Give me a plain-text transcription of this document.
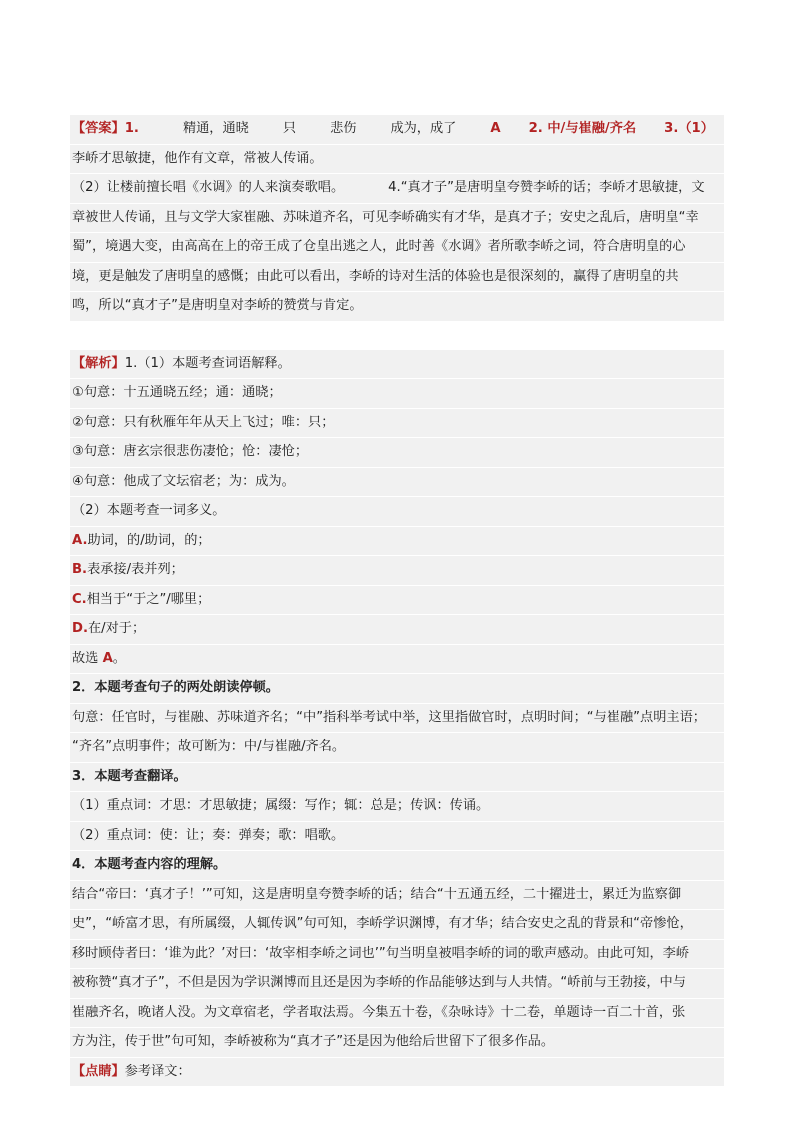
【答案】1.	精通，通晓	只	悲伤	成为，成了	A 2. 中/与崔融/齐名 3.（1）
李峤才思敏捷，他作有文章，常被人传诵。
（2）让楼前擅长唱《水调》的人来演奏歌唱。	4.“真才子”是唐明皇夸赞李峤的话；李峤才思敏捷，文
章被世人传诵，且与文学大家崔融、苏味道齐名，可见李峤确实有才华，是真才子；安史之乱后，唐明皇“幸
蜀”，境遇大变，由高高在上的帝王成了仓皇出逃之人，此时善《水调》者所歌李峤之词，符合唐明皇的心
境，更是触发了唐明皇的感慨；由此可以看出，李峤的诗对生活的体验也是很深刻的，赢得了唐明皇的共
鸣，所以“真才子”是唐明皇对李峤的赞赏与肯定。
【解析】1.（1）本题考查词语解释。
①句意：十五通晓五经；通：通晓；
②句意：只有秋雁年年从天上飞过；唯：只；
③句意：唐玄宗很悲伤凄怆；怆：凄怆；
④句意：他成了文坛宿老；为：成为。
（2）本题考查一词多义。
A.助词，的/助词，的；
B.表承接/表并列；
C.相当于“于之”/哪里；
D.在/对于；
故选 A。
2．本题考查句子的两处朗读停顿。
句意：任官时，与崔融、苏味道齐名；“中”指科举考试中举，这里指做官时，点明时间；“与崔融”点明主语；
“齐名”点明事件；故可断为：中/与崔融/齐名。
3．本题考查翻译。
（1）重点词：才思：才思敏捷；属缀：写作；辄：总是；传讽：传诵。
（2）重点词：使：让；奏：弹奏；歌：唱歌。
4．本题考查内容的理解。
结合“帝曰：‘真才子！’”可知，这是唐明皇夸赞李峤的话；结合“十五通五经，二十擢进士，累迁为监察御
史”，“峤富才思，有所属缀，人辄传讽”句可知，李峤学识渊博，有才华；结合安史之乱的背景和“帝惨怆，
移时顾侍者曰：‘谁为此？’对曰：‘故宰相李峤之词也’”句当明皇被唱李峤的词的歌声感动。由此可知，李峤
被称赞“真才子”，不但是因为学识渊博而且还是因为李峤的作品能够达到与人共情。“峤前与王勃接，中与
崔融齐名，晚诸人没。为文章宿老，学者取法焉。今集五十卷，《杂咏诗》十二卷，单题诗一百二十首，张
方为注，传于世”句可知，李峤被称为“真才子”还是因为他给后世留下了很多作品。
【点睛】参考译文：
